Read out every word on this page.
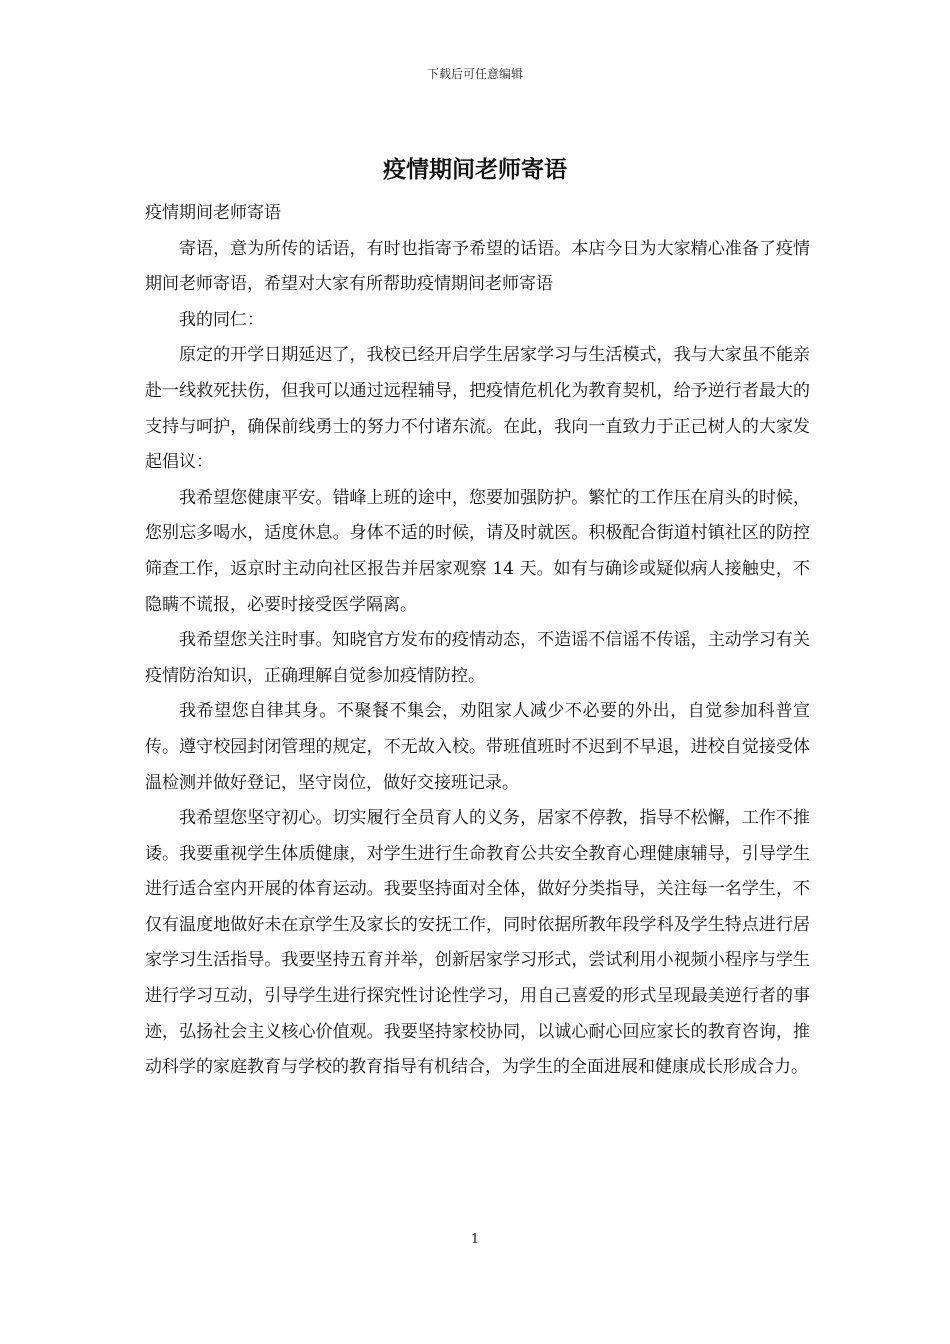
下载后可任意编辑
疫情期间老师寄语

疫情期间老师寄语

寄语，意为所传的话语，有时也指寄予希望的话语。本店今日为大家精心准备了疫情期间老师寄语，希望对大家有所帮助疫情期间老师寄语

我的同仁：

原定的开学日期延迟了，我校已经开启学生居家学习与生活模式，我与大家虽不能亲赴一线救死扶伤，但我可以通过远程辅导，把疫情危机化为教育契机，给予逆行者最大的支持与呵护，确保前线勇士的努力不付诸东流。在此，我向一直致力于正己树人的大家发起倡议：

我希望您健康平安。错峰上班的途中，您要加强防护。繁忙的工作压在肩头的时候，您别忘多喝水，适度休息。身体不适的时候，请及时就医。积极配合街道村镇社区的防控筛查工作，返京时主动向社区报告并居家观察 14 天。如有与确诊或疑似病人接触史，不隐瞒不谎报，必要时接受医学隔离。

我希望您关注时事。知晓官方发布的疫情动态，不造谣不信谣不传谣，主动学习有关疫情防治知识，正确理解自觉参加疫情防控。

我希望您自律其身。不聚餐不集会，劝阻家人减少不必要的外出，自觉参加科普宣传。遵守校园封闭管理的规定，不无故入校。带班值班时不迟到不早退，进校自觉接受体温检测并做好登记，坚守岗位，做好交接班记录。

我希望您坚守初心。切实履行全员育人的义务，居家不停教，指导不松懈，工作不推诿。我要重视学生体质健康，对学生进行生命教育公共安全教育心理健康辅导，引导学生进行适合室内开展的体育运动。我要坚持面对全体，做好分类指导，关注每一名学生，不仅有温度地做好未在京学生及家长的安抚工作，同时依据所教年段学科及学生特点进行居家学习生活指导。我要坚持五育并举，创新居家学习形式，尝试利用小视频小程序与学生进行学习互动，引导学生进行探究性讨论性学习，用自己喜爱的形式呈现最美逆行者的事迹，弘扬社会主义核心价值观。我要坚持家校协同，以诚心耐心回应家长的教育咨询，推动科学的家庭教育与学校的教育指导有机结合，为学生的全面进展和健康成长形成合力。

1
